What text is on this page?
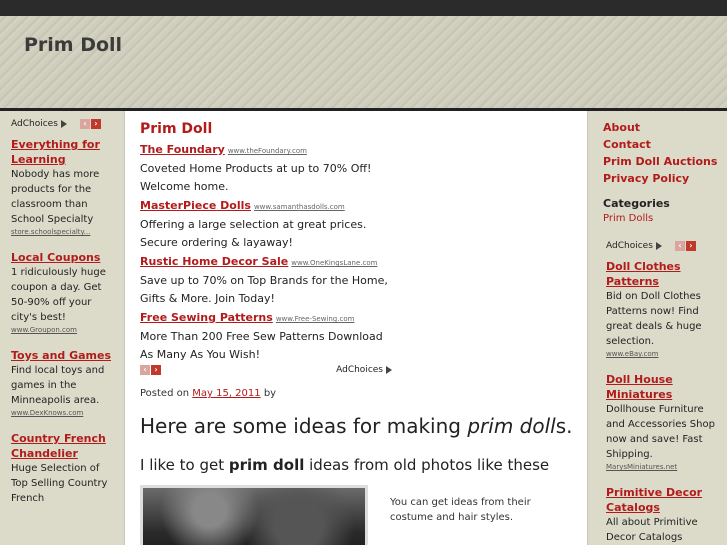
Prim Doll
AdChoices	‹ ›
Everything for Learning
Nobody has more products for the classroom than School Specialty
store.schoolspecialty...
Local Coupons
1 ridiculously huge coupon a day. Get 50-90% off your city's best!
www.Groupon.com
Toys and Games
Find local toys and games in the Minneapolis area.
www.DexKnows.com
Country French Chandelier
Huge Selection of Top Selling Country French
Prim Doll
The Foundary www.theFoundary.com
Coveted Home Products at up to 70% Off! Welcome home.
MasterPiece Dolls www.samanthasdolls.com
Offering a large selection at great prices. Secure ordering & layaway!
Rustic Home Decor Sale www.OneKingsLane.com
Save up to 70% on Top Brands for the Home, Gifts & More. Join Today!
Free Sewing Patterns www.Free-Sewing.com
More Than 200 Free Sew Patterns Download As Many As You Wish!
‹ ›	AdChoices
Posted on May 15, 2011 by
Here are some ideas for making prim dolls.
I like to get prim doll ideas from old photos like these
You can get ideas from their costume and hair styles.
About
Contact
Prim Doll Auctions
Privacy Policy
Categories
Prim Dolls
AdChoices	‹ ›
Doll Clothes Patterns
Bid on Doll Clothes Patterns now! Find great deals & huge selection.
www.eBay.com
Doll House Miniatures
Dollhouse Furniture and Accessories Shop now and save! Fast Shipping.
MarysMiniatures.net
Primitive Decor Catalogs
All about Primitive Decor Catalogs
